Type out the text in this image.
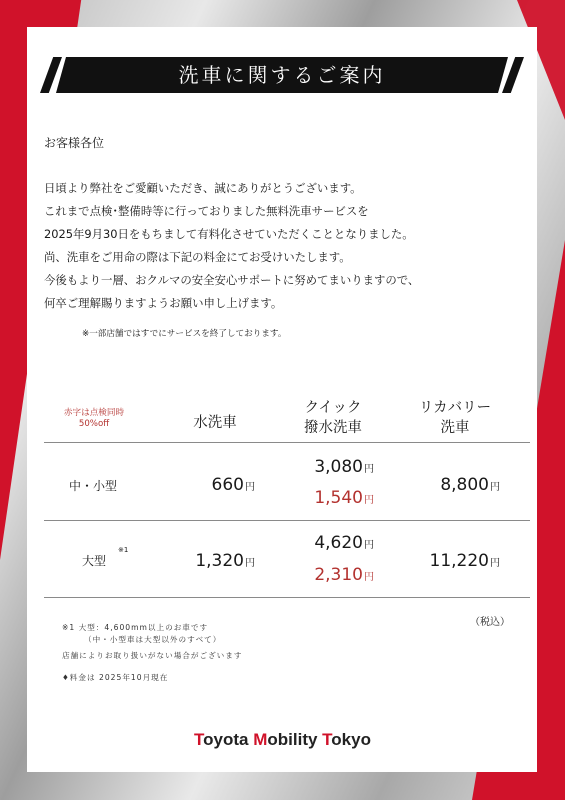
洗車に関するご案内
お客様各位
日頃より弊社をご愛顧いただき、誠にありがとうございます。
これまで点検･整備時等に行っておりました無料洗車サービスを
2025年9月30日をもちまして有料化させていただくこととなりました。
尚、洗車をご用命の際は下記の料金にてお受けいたします。
今後もより一層、おクルマの安全安心サポートに努めてまいりますので、
何卒ご理解賜りますようお願い申し上げます。
※一部店舗ではすでにサービスを終了しております。
赤字は点検同時
50%off	水洗車
クイック
撥水洗車
リカバリー
洗車
中・小型	660円
3,080円
1,540円
8,800円
大型
※1
1,320円
4,620円
2,310円
11,220円
（税込）
※1 大型：4,600mm以上のお車です
（中・小型車は大型以外のすべて）
店舗によりお取り扱いがない場合がございます
♦料金は 2025年10月現在
Toyota Mobility Tokyo
